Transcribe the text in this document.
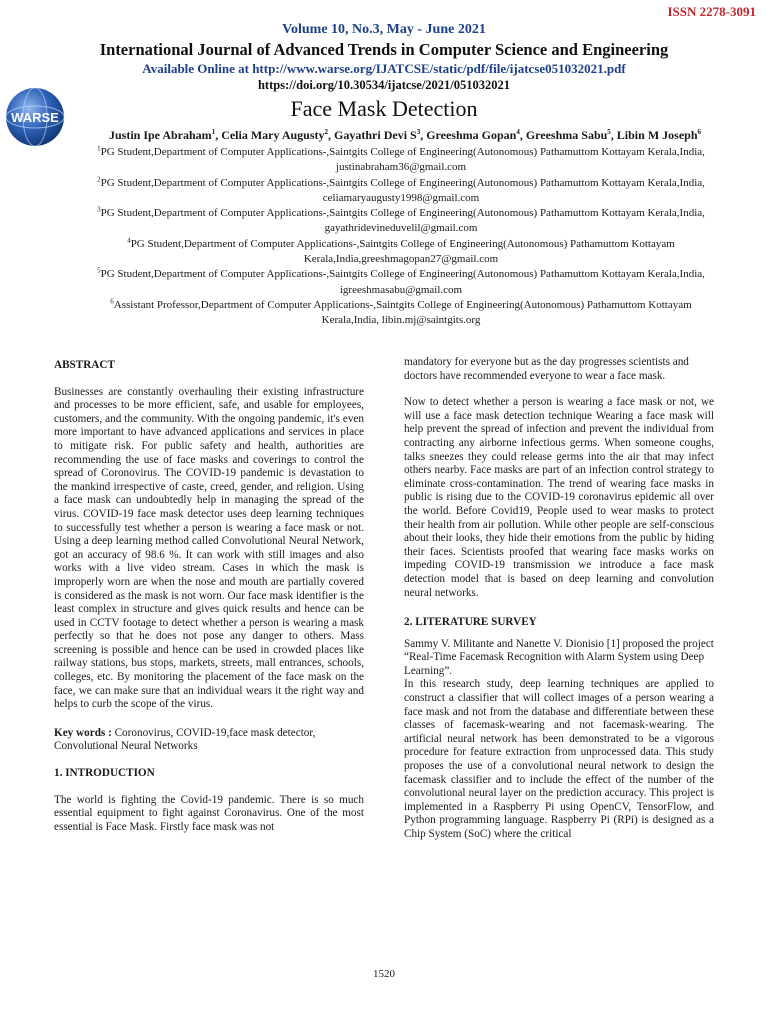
ISSN 2278-3091
Volume 10, No.3, May - June 2021
International Journal of Advanced Trends in Computer Science and Engineering
Available Online at http://www.warse.org/IJATCSE/static/pdf/file/ijatcse051032021.pdf
https://doi.org/10.30534/ijatcse/2021/051032021
WARSE	Face Mask Detection
Justin Ipe Abraham$^1$, Celia Mary Augusty$^2$, Gayathri Devi $S^3$, Greeshma Gopan$^4$, Greeshma Sabu$^5$, Libin M Joseph$^6$

$^1$PG Student,Department of Computer Applications-,Saintgits College of Engineering(Autonomous) Pathamuttom Kottayam Kerala,India, justinabraham36@gmail.com

$^2$PG Student,Department of Computer Applications-,Saintgits College of Engineering(Autonomous) Pathamuttom Kottayam Kerala,India, celiamaryaugusty1998@gmail.com

$^3$PG Student,Department of Computer Applications-,Saintgits College of Engineering(Autonomous) Pathamuttom Kottayam Kerala,India, gayathridevineduvelil@gmail.com

$^4$PG Student,Department of Computer Applications-,Saintgits College of Engineering(Autonomous) Pathamuttom Kottayam Kerala,India,greeshmagopan27@gmail.com

$^5$PG Student,Department of Computer Applications-,Saintgits College of Engineering(Autonomous) Pathamuttom Kottayam Kerala,India, igreeshmasabu@gmail.com

$^6$Assistant Professor,Department of Computer Applications-,Saintgits College of Engineering(Autonomous) Pathamuttom Kottayam Kerala,India, libin.mj@saintgits.org

ABSTRACT

Businesses are constantly overhauling their existing infrastructure and processes to be more efficient, safe, and usable for employees, customers, and the community. With the ongoing pandemic, it's even more important to have advanced applications and services in place to mitigate risk. For public safety and health, authorities are recommending the use of face masks and coverings to control the spread of Coronovirus. The COVID-19 pandemic is devastation to the mankind irrespective of caste, creed, gender, and religion. Using a face mask can undoubtedly help in managing the spread of the virus. COVID-19 face mask detector uses deep learning techniques to successfully test whether a person is wearing a face mask or not. Using a deep learning method called Convolutional Neural Network, got an accuracy of 98.6 %. It can work with still images and also works with a live video stream. Cases in which the mask is improperly worn are when the nose and mouth are partially covered is considered as the mask is not worn. Our face mask identifier is the least complex in structure and gives quick results and hence can be used in CCTV footage to detect whether a person is wearing a mask perfectly so that he does not pose any danger to others. Mass screening is possible and hence can be used in crowded places like railway stations, bus stops, markets, streets, mall entrances, schools, colleges, etc. By monitoring the placement of the face mask on the face, we can make sure that an individual wears it the right way and helps to curb the scope of the virus.

Key words : Coronovirus, COVID-19,face mask detector, Convolutional Neural Networks

1. INTRODUCTION

The world is fighting the Covid-19 pandemic. There is so much essential equipment to fight against Coronavirus. One of the most essential is Face Mask. Firstly face mask was not

mandatory for everyone but as the day progresses scientists and doctors have recommended everyone to wear a face mask.

Now to detect whether a person is wearing a face mask or not, we will use a face mask detection technique Wearing a face mask will help prevent the spread of infection and prevent the individual from contracting any airborne infectious germs. When someone coughs, talks sneezes they could release germs into the air that may infect others nearby. Face masks are part of an infection control strategy to eliminate cross-contamination. The trend of wearing face masks in public is rising due to the COVID-19 coronavirus epidemic all over the world. Before Covid19, People used to wear masks to protect their health from air pollution. While other people are self-conscious about their looks, they hide their emotions from the public by hiding their faces. Scientists proofed that wearing face masks works on impeding COVID-19 transmission we introduce a face mask detection model that is based on deep learning and convolution neural networks.

2. LITERATURE SURVEY

Sammy V. Militante and Nanette V. Dionisio [1] proposed the project “Real-Time Facemask Recognition with Alarm System using Deep Learning”.

In this research study, deep learning techniques are applied to construct a classifier that will collect images of a person wearing a face mask and not from the database and differentiate between these classes of facemask-wearing and not facemask-wearing. The artificial neural network has been demonstrated to be a vigorous procedure for feature extraction from unprocessed data. This study proposes the use of a convolutional neural network to design the facemask classifier and to include the effect of the number of the convolutional neural layer on the prediction accuracy. This project is implemented in a Raspberry Pi using OpenCV, TensorFlow, and Python programming language. Raspberry Pi (RPi) is designed as a Chip System (SoC) where the critical

1520
